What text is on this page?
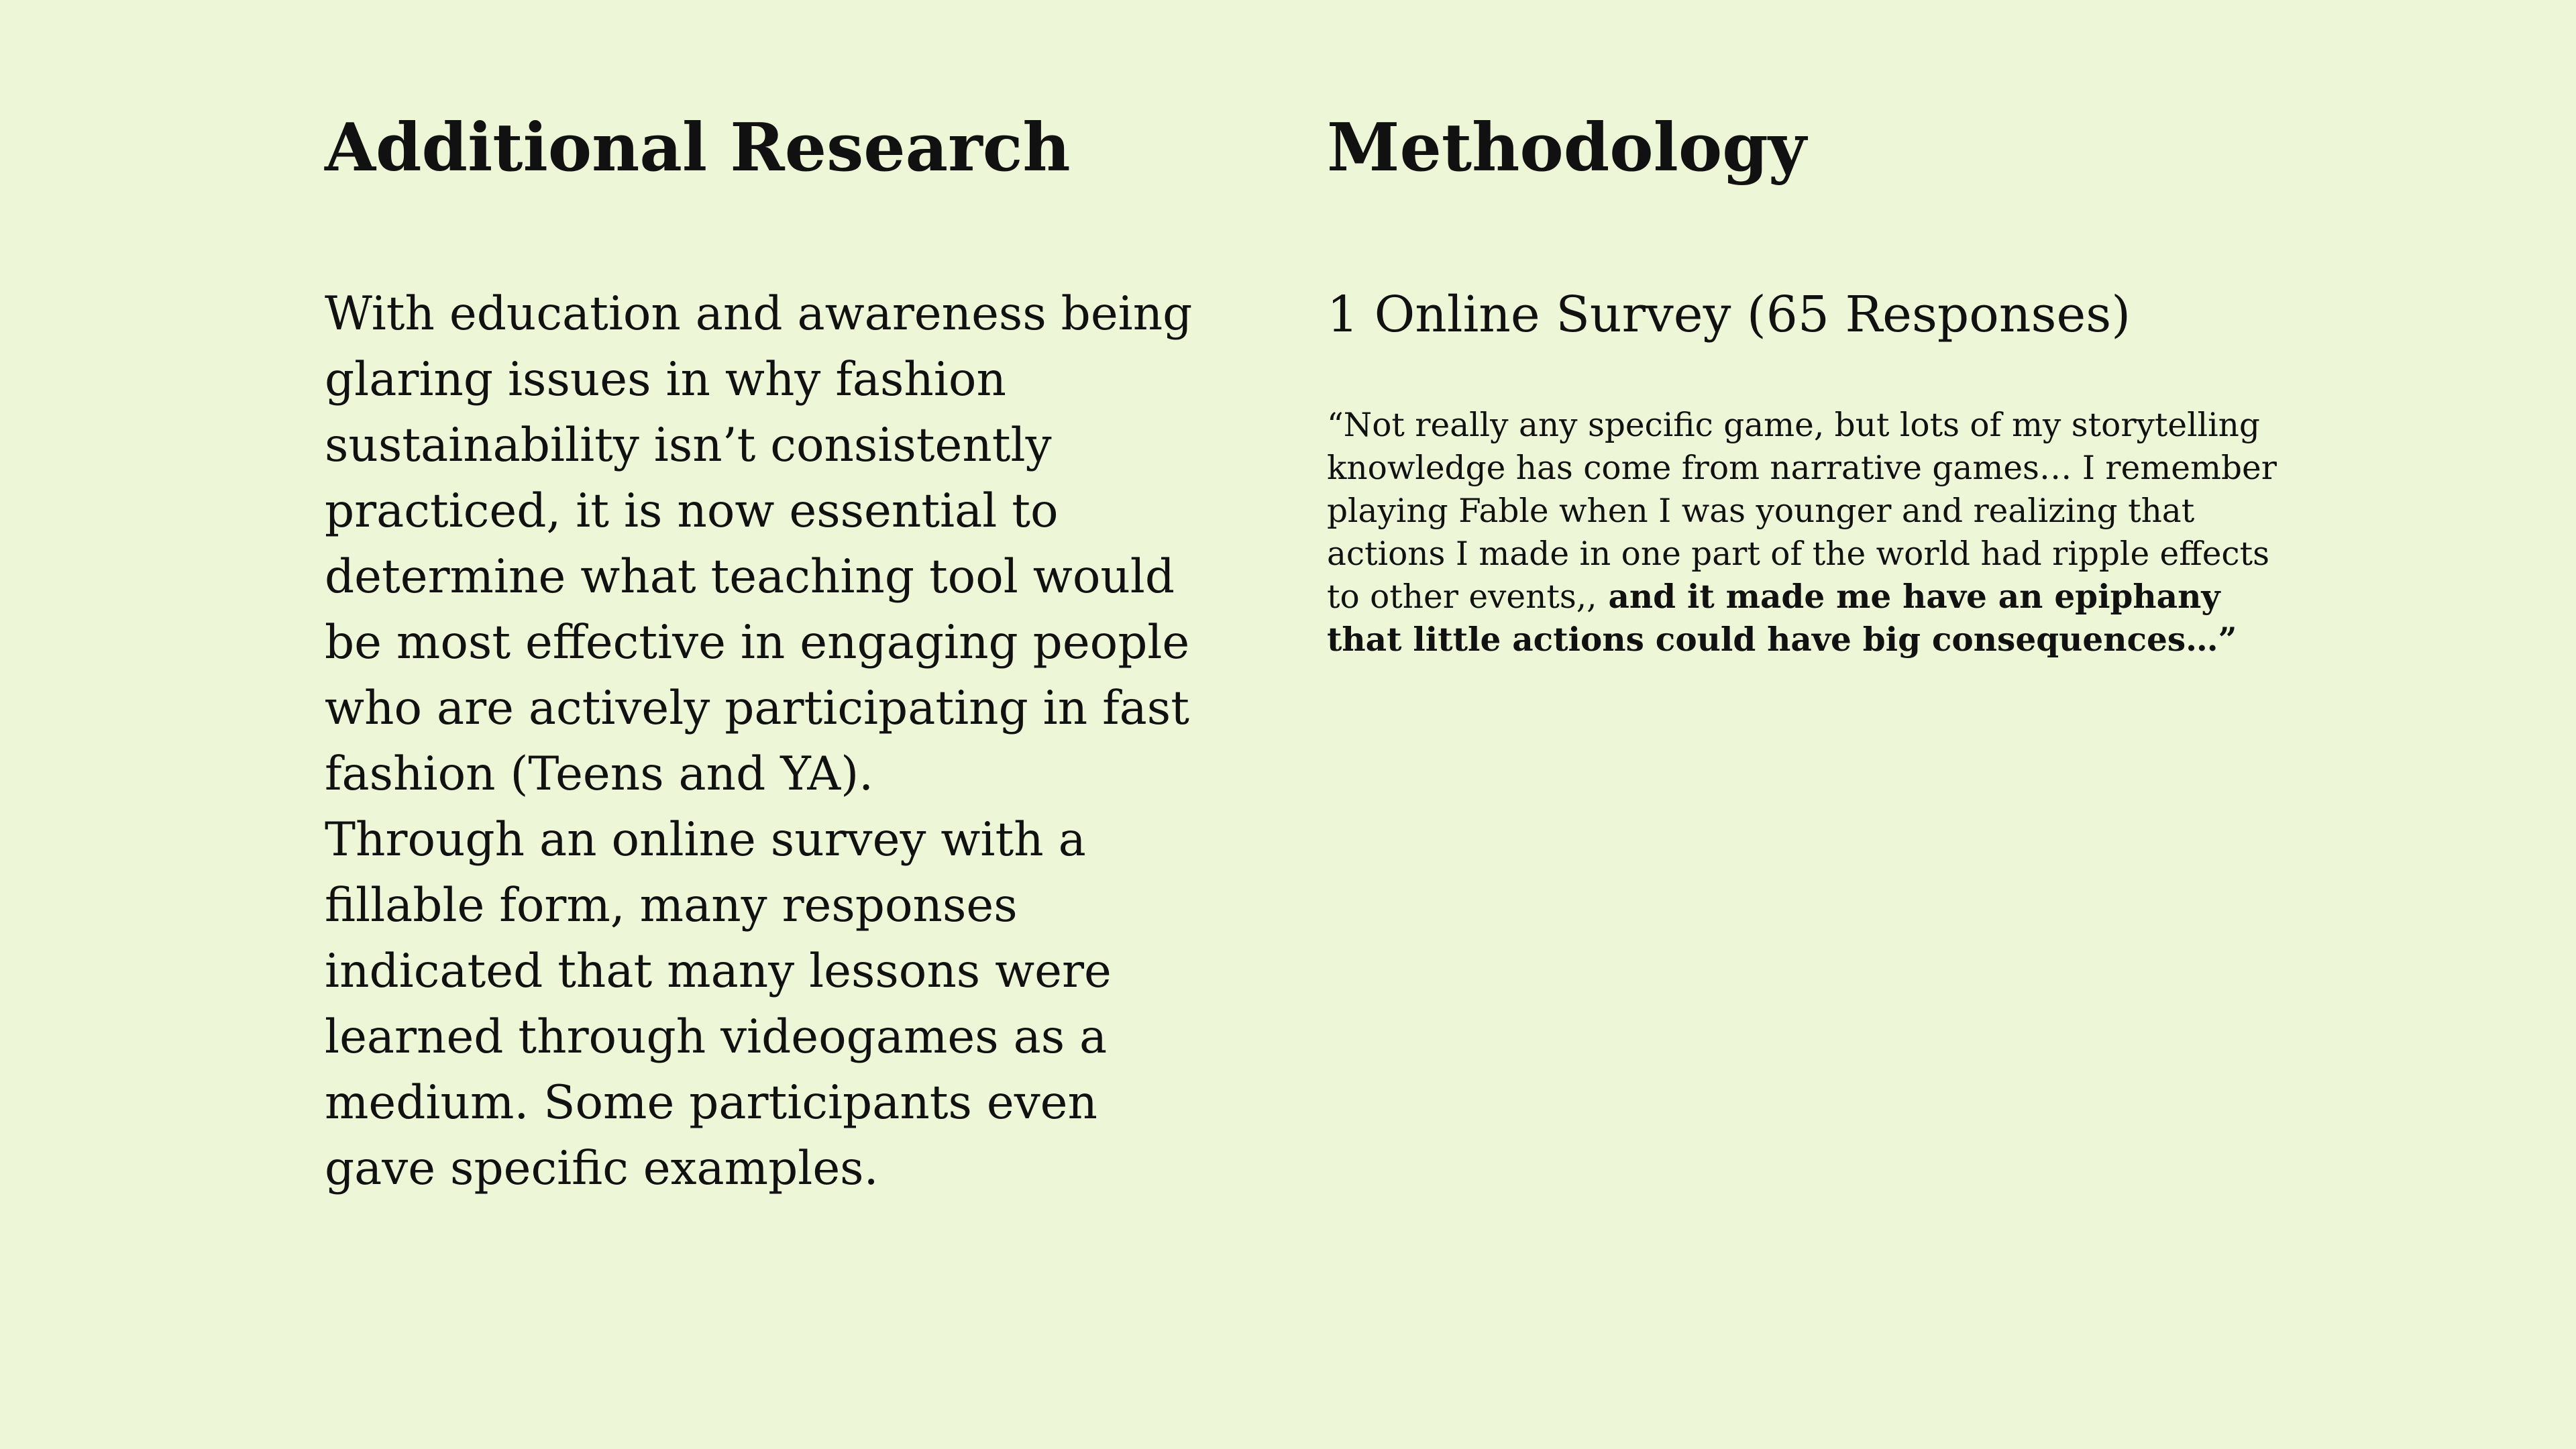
Additional Research

With education and awareness being glaring issues in why fashion sustainability isn’t consistently practiced, it is now essential to determine what teaching tool would be most effective in engaging people who are actively participating in fast fashion (Teens and YA).

Through an online survey with a fillable form, many responses indicated that many lessons were learned through videogames as a medium. Some participants even gave specific examples.

Methodology
1 Online Survey (65 Responses)

“Not really any specific game, but lots of my storytelling knowledge has come from narrative games… I remember playing Fable when I was younger and realizing that actions I made in one part of the world had ripple effects to other events,, and it made me have an epiphany that little actions could have big consequences…”
